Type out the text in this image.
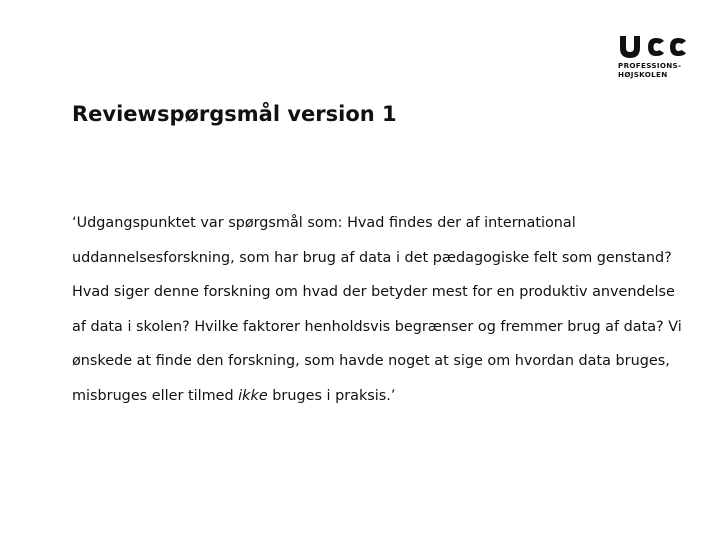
PROFESSIONS-
HØJSKOLEN
Reviewspørgsmål version 1

‘Udgangspunktet var spørgsmål som: Hvad findes der af international uddannelsesforskning, som har brug af data i det pædagogiske felt som genstand? Hvad siger denne forskning om hvad der betyder mest for en produktiv anvendelse af data i skolen? Hvilke faktorer henholdsvis begrænser og fremmer brug af data? Vi ønskede at finde den forskning, som havde noget at sige om hvordan data bruges, misbruges eller tilmed ikke bruges i praksis.’
